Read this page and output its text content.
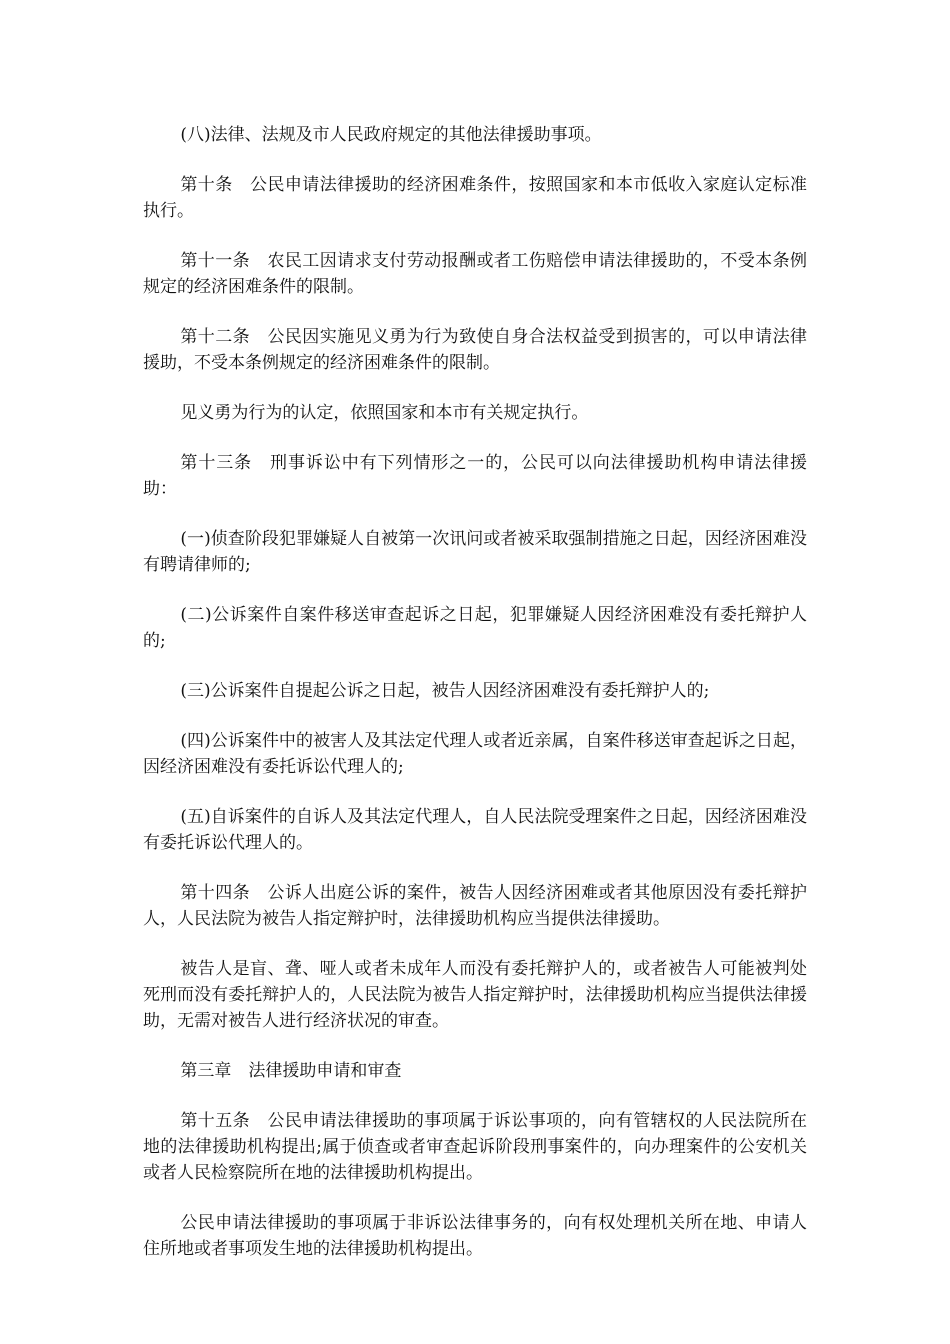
(八)法律、法规及市人民政府规定的其他法律援助事项。

第十条　公民申请法律援助的经济困难条件，按照国家和本市低收入家庭认定标准执行。

第十一条　农民工因请求支付劳动报酬或者工伤赔偿申请法律援助的，不受本条例规定的经济困难条件的限制。

第十二条　公民因实施见义勇为行为致使自身合法权益受到损害的，可以申请法律援助，不受本条例规定的经济困难条件的限制。

见义勇为行为的认定，依照国家和本市有关规定执行。

第十三条　刑事诉讼中有下列情形之一的，公民可以向法律援助机构申请法律援助：

(一)侦查阶段犯罪嫌疑人自被第一次讯问或者被采取强制措施之日起，因经济困难没有聘请律师的;

(二)公诉案件自案件移送审查起诉之日起，犯罪嫌疑人因经济困难没有委托辩护人的;

(三)公诉案件自提起公诉之日起，被告人因经济困难没有委托辩护人的;

(四)公诉案件中的被害人及其法定代理人或者近亲属，自案件移送审查起诉之日起，因经济困难没有委托诉讼代理人的;

(五)自诉案件的自诉人及其法定代理人，自人民法院受理案件之日起，因经济困难没有委托诉讼代理人的。

第十四条　公诉人出庭公诉的案件，被告人因经济困难或者其他原因没有委托辩护人，人民法院为被告人指定辩护时，法律援助机构应当提供法律援助。

被告人是盲、聋、哑人或者未成年人而没有委托辩护人的，或者被告人可能被判处死刑而没有委托辩护人的，人民法院为被告人指定辩护时，法律援助机构应当提供法律援助，无需对被告人进行经济状况的审查。

第三章　法律援助申请和审查

第十五条　公民申请法律援助的事项属于诉讼事项的，向有管辖权的人民法院所在地的法律援助机构提出;属于侦查或者审查起诉阶段刑事案件的，向办理案件的公安机关或者人民检察院所在地的法律援助机构提出。

公民申请法律援助的事项属于非诉讼法律事务的，向有权处理机关所在地、申请人住所地或者事项发生地的法律援助机构提出。
